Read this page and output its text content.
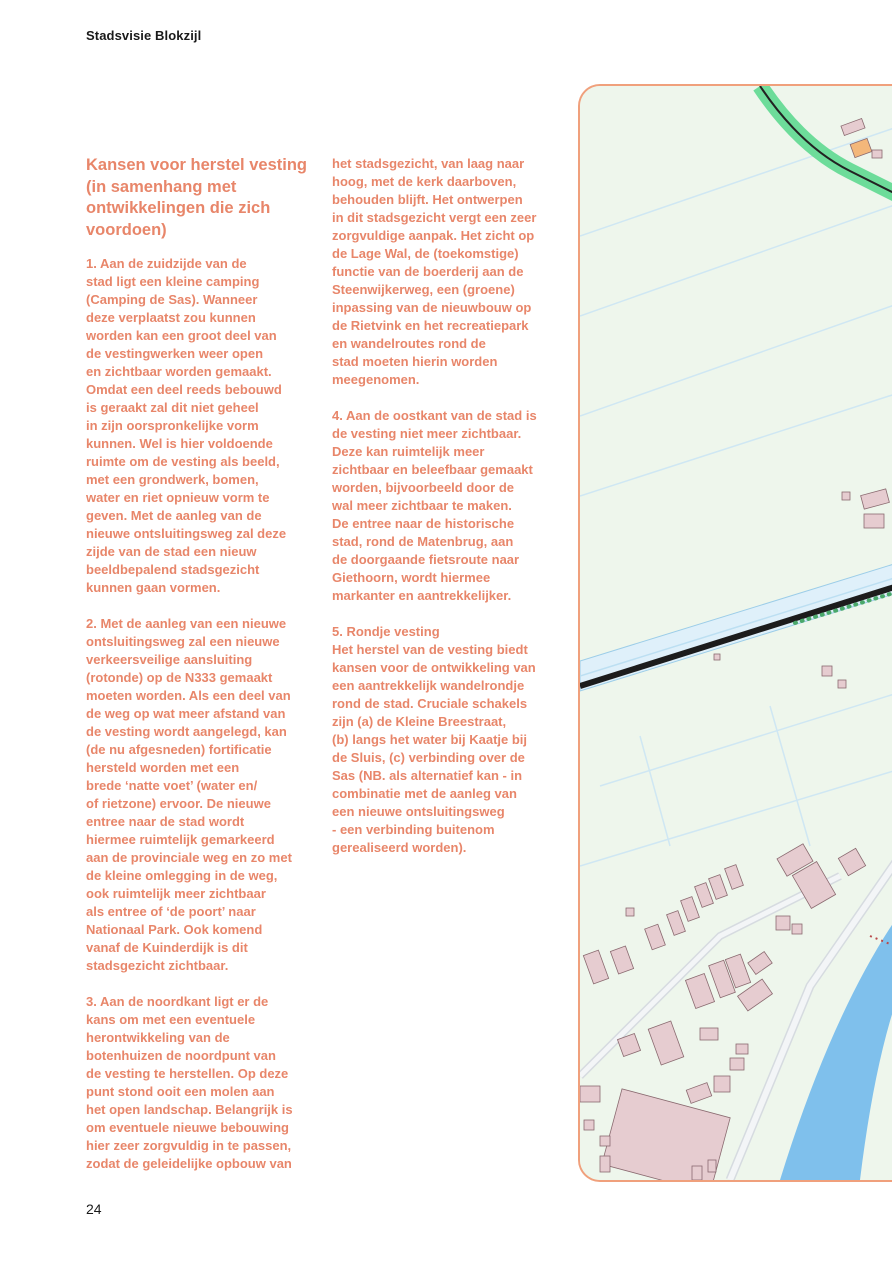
Stadsvisie Blokzijl
Kansen voor herstel vesting (in samenhang met ontwikkelingen die zich voordoen)
1. Aan de zuidzijde van de
stad ligt een kleine camping
(Camping de Sas). Wanneer
deze verplaatst zou kunnen
worden kan een groot deel van
de vestingwerken weer open
en zichtbaar worden gemaakt.
Omdat een deel reeds bebouwd
is geraakt zal dit niet geheel
in zijn oorspronkelijke vorm
kunnen. Wel is hier voldoende
ruimte om de vesting als beeld,
met een grondwerk, bomen,
water en riet opnieuw vorm te
geven. Met de aanleg van de
nieuwe ontsluitingsweg zal deze
zijde van de stad een nieuw
beeldbepalend stadsgezicht
kunnen gaan vormen.
2. Met de aanleg van een nieuwe
ontsluitingsweg zal een nieuwe
verkeersveilige aansluiting
(rotonde) op de N333 gemaakt
moeten worden. Als een deel van
de weg op wat meer afstand van
de vesting wordt aangelegd, kan
(de nu afgesneden) fortificatie
hersteld worden met een
brede ‘natte voet’ (water en/
of rietzone) ervoor. De nieuwe
entree naar de stad wordt
hiermee ruimtelijk gemarkeerd
aan de provinciale weg en zo met
de kleine omlegging in de weg,
ook ruimtelijk meer zichtbaar
als entree of ‘de poort’ naar
Nationaal Park. Ook komend
vanaf de Kuinderdijk is dit
stadsgezicht zichtbaar.
3. Aan de noordkant ligt er de
kans om met een eventuele
herontwikkeling van de
botenhuizen de noordpunt van
de vesting te herstellen. Op deze
punt stond ooit een molen aan
het open landschap. Belangrijk is
om eventuele nieuwe bebouwing
hier zeer zorgvuldig in te passen,
zodat de geleidelijke opbouw van
het stadsgezicht, van laag naar
hoog, met de kerk daarboven,
behouden blijft. Het ontwerpen
in dit stadsgezicht vergt een zeer
zorgvuldige aanpak. Het zicht op
de Lage Wal, de (toekomstige)
functie van de boerderij aan de
Steenwijkerweg, een (groene)
inpassing van de nieuwbouw op
de Rietvink en het recreatiepark
en wandelroutes rond de
stad moeten hierin worden
meegenomen.
4. Aan de oostkant van de stad is
de vesting niet meer zichtbaar.
Deze kan ruimtelijk meer
zichtbaar en beleefbaar gemaakt
worden, bijvoorbeeld door de
wal meer zichtbaar te maken.
De entree naar de historische
stad, rond de Matenbrug, aan
de doorgaande fietsroute naar
Giethoorn, wordt hiermee
markanter en aantrekkelijker.
5. Rondje vesting
Het herstel van de vesting biedt
kansen voor de ontwikkeling van
een aantrekkelijk wandelrondje
rond de stad. Cruciale schakels
zijn (a) de Kleine Breestraat,
(b) langs het water bij Kaatje bij
de Sluis, (c) verbinding over de
Sas (NB. als alternatief kan - in
combinatie met de aanleg van
een nieuwe ontsluitingsweg
- een verbinding buitenom
gerealiseerd worden).
24
